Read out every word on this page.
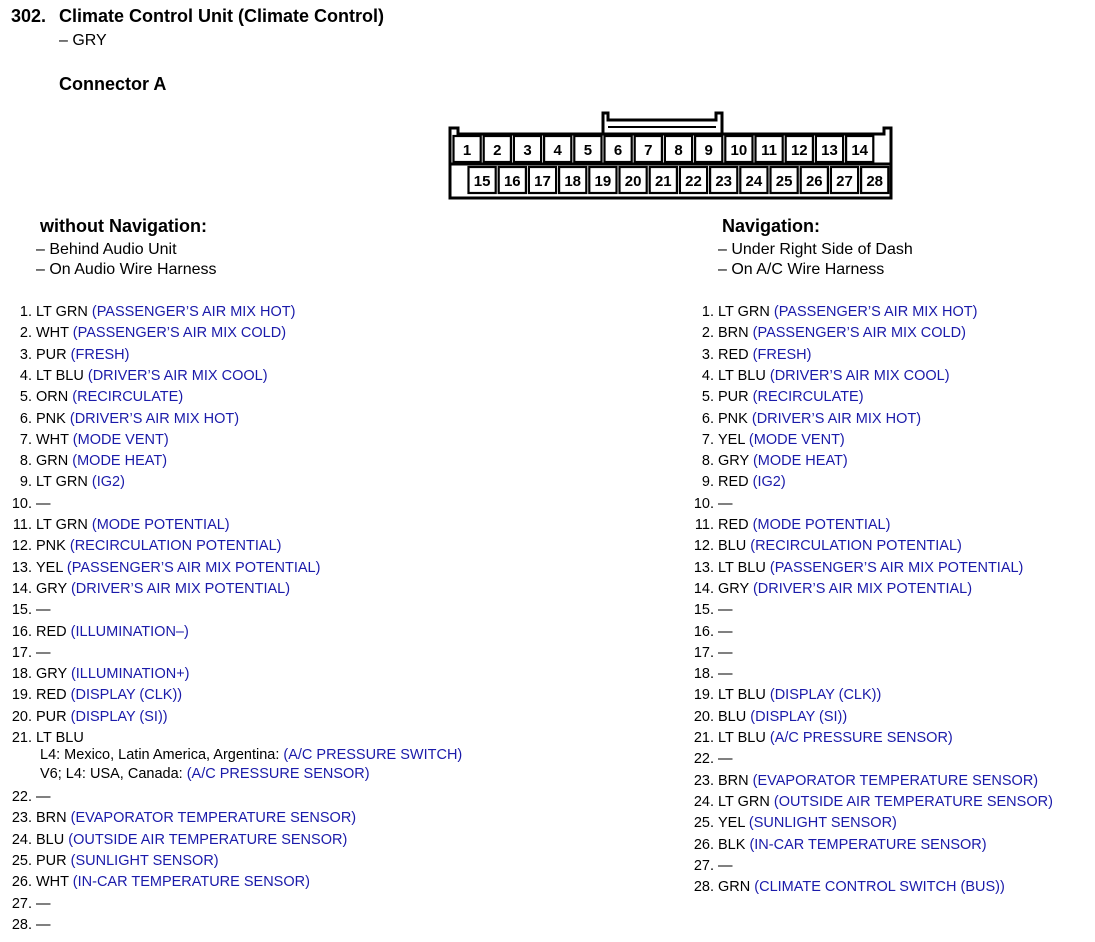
302. Climate Control Unit (Climate Control)
– GRY
Connector A
1 2 3 4 5 6 7 8 9 10 11 12 13 14
15 16 17 18 19 20 21 22 23 24 25 26 27 28
without Navigation:
– Behind Audio Unit
– On Audio Wire Harness
Navigation:
– Under Right Side of Dash
– On A/C Wire Harness
1. LT GRN (PASSENGER’S AIR MIX HOT)
2. WHT (PASSENGER’S AIR MIX COLD)
3. PUR (FRESH)
4. LT BLU (DRIVER’S AIR MIX COOL)
5. ORN (RECIRCULATE)
6. PNK (DRIVER’S AIR MIX HOT)
7. WHT (MODE VENT)
8. GRN (MODE HEAT)
9. LT GRN (IG2)
10. —
11. LT GRN (MODE POTENTIAL)
12. PNK (RECIRCULATION POTENTIAL)
13. YEL (PASSENGER’S AIR MIX POTENTIAL)
14. GRY (DRIVER’S AIR MIX POTENTIAL)
15. —
16. RED (ILLUMINATION–)
17. —
18. GRY (ILLUMINATION+)
19. RED (DISPLAY (CLK))
20. PUR (DISPLAY (SI))
21. LT BLU
L4: Mexico, Latin America, Argentina: (A/C PRESSURE SWITCH)
V6; L4: USA, Canada: (A/C PRESSURE SENSOR)
22. —
23. BRN (EVAPORATOR TEMPERATURE SENSOR)
24. BLU (OUTSIDE AIR TEMPERATURE SENSOR)
25. PUR (SUNLIGHT SENSOR)
26. WHT (IN-CAR TEMPERATURE SENSOR)
27. —
28. —
1. LT GRN (PASSENGER’S AIR MIX HOT)
2. BRN (PASSENGER’S AIR MIX COLD)
3. RED (FRESH)
4. LT BLU (DRIVER’S AIR MIX COOL)
5. PUR (RECIRCULATE)
6. PNK (DRIVER’S AIR MIX HOT)
7. YEL (MODE VENT)
8. GRY (MODE HEAT)
9. RED (IG2)
10. —
11. RED (MODE POTENTIAL)
12. BLU (RECIRCULATION POTENTIAL)
13. LT BLU (PASSENGER’S AIR MIX POTENTIAL)
14. GRY (DRIVER’S AIR MIX POTENTIAL)
15. —
16. —
17. —
18. —
19. LT BLU (DISPLAY (CLK))
20. BLU (DISPLAY (SI))
21. LT BLU (A/C PRESSURE SENSOR)
22. —
23. BRN (EVAPORATOR TEMPERATURE SENSOR)
24. LT GRN (OUTSIDE AIR TEMPERATURE SENSOR)
25. YEL (SUNLIGHT SENSOR)
26. BLK (IN-CAR TEMPERATURE SENSOR)
27. —
28. GRN (CLIMATE CONTROL SWITCH (BUS))
